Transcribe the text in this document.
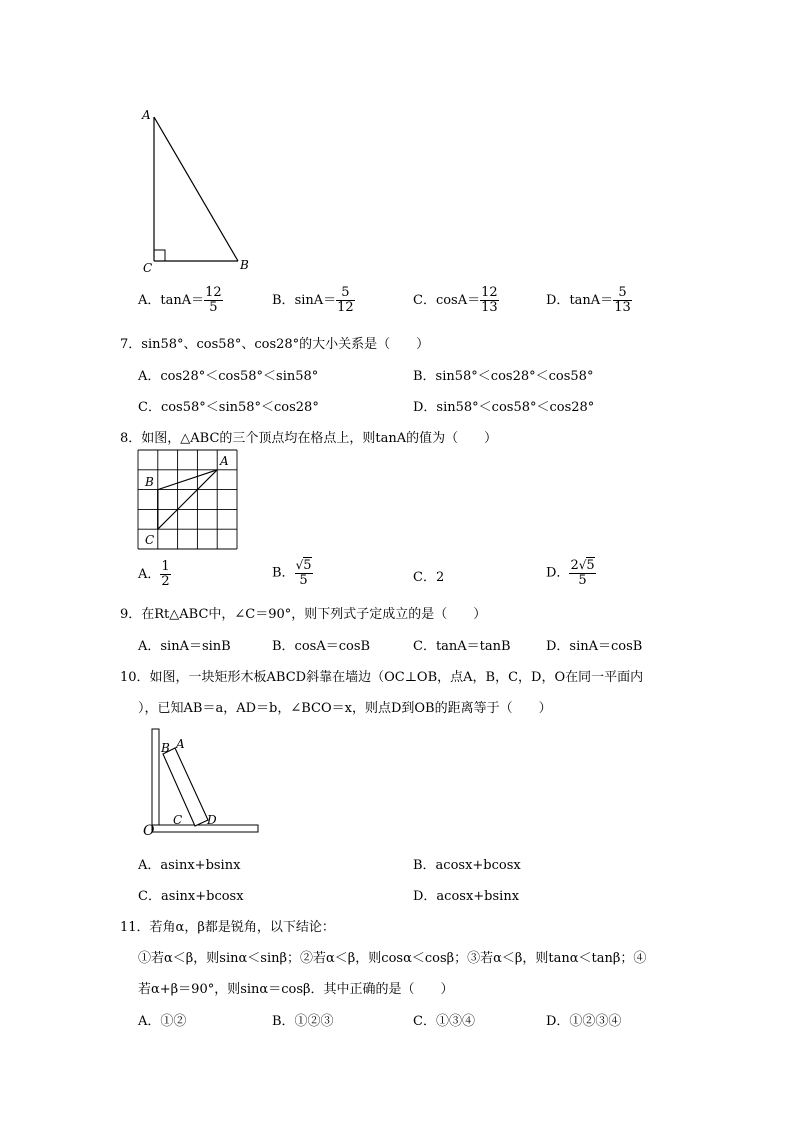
A
C	B
A．$\tan A= \frac{12}{5}$	B．$\sin A= \frac{5}{12}$	C．$\cos A= \frac{12}{13}$	D．$\tan A= \frac{5}{13}$
7．sin58°、cos58°、cos28°的大小关系是（　　）
A．cos28°＜cos58°＜sin58°	B．sin58°＜cos28°＜cos58°
C．cos58°＜sin58°＜cos28°	D．sin58°＜cos58°＜cos28°
8．如图，△ABC的三个顶点均在格点上，则tanA的值为（　　）
A
B
C
A． $\frac{1}{2}$	B． $\frac{√5}{5}$	C．2	D． $\frac{2√5}{5}$
9．在Rt△ABC中，∠C＝90°，则下列式子定成立的是（　　）
A．sinA＝sinB	B．cosA＝cosB	C．tanA＝tanB	D．sinA＝cosB
10．如图，一块矩形木板ABCD斜靠在墙边（OC⊥OB，点A，B，C，D，O在同一平面内
），已知AB＝a，AD＝b，∠BCO＝x，则点D到OB的距离等于（　　）
B A
C D
O
A．asinx+bsinx	B．acosx+bcosx
C．asinx+bcosx	D．acosx+bsinx
11．若角α，β都是锐角，以下结论：
①若α＜β，则sinα＜sinβ；②若α＜β，则cosα＜cosβ；③若α＜β，则tanα＜tanβ；④
若α+β＝90°，则sinα＝cosβ．其中正确的是（　　）
A．①②	B．①②③	C．①③④	D．①②③④
